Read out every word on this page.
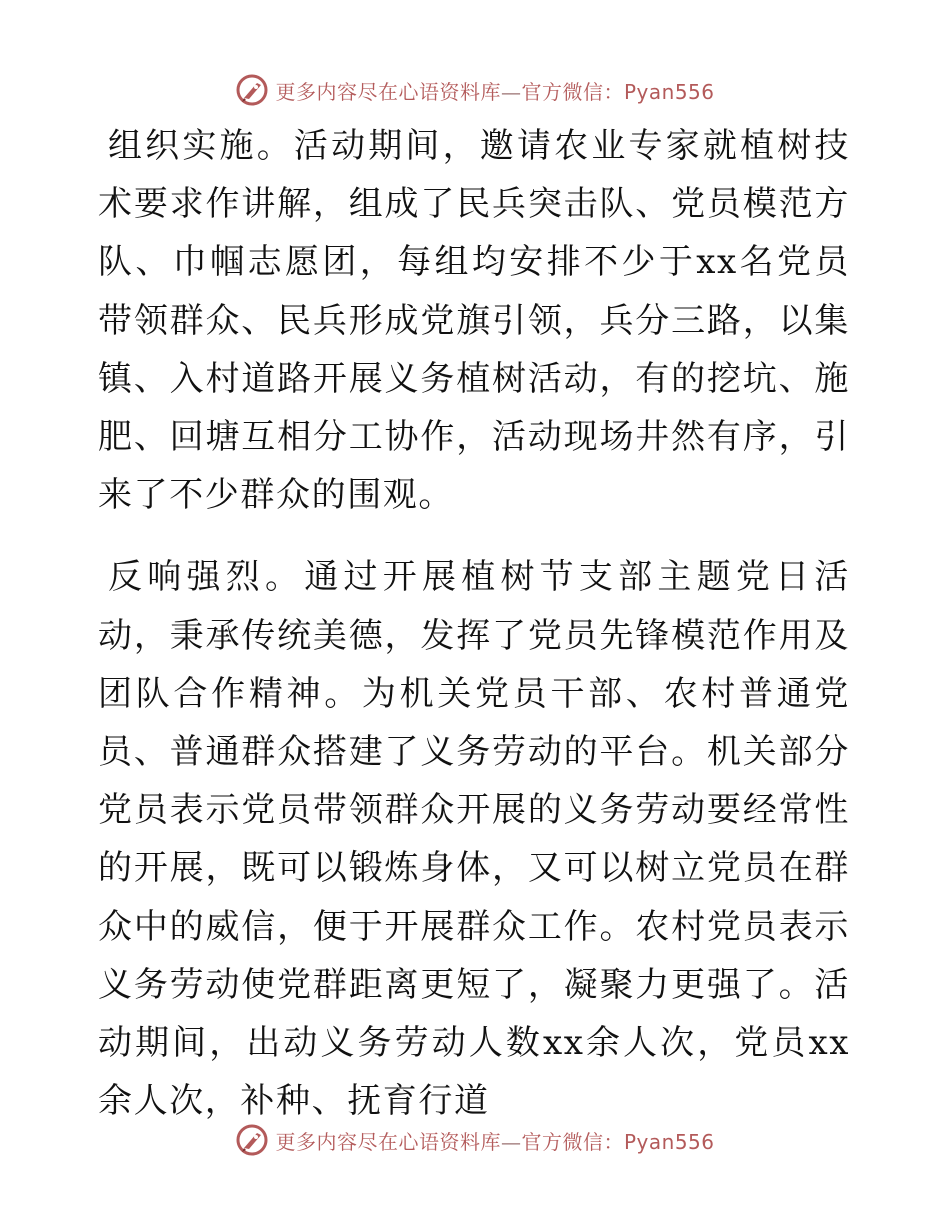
更多内容尽在心语资料库—官方微信：Pyan556

组织实施。活动期间，邀请农业专家就植树技术要求作讲解，组成了民兵突击队、党员模范方队、巾帼志愿团，每组均安排不少于xx名党员带领群众、民兵形成党旗引领，兵分三路，以集镇、入村道路开展义务植树活动，有的挖坑、施肥、回塘互相分工协作，活动现场井然有序，引来了不少群众的围观。

反响强烈。通过开展植树节支部主题党日活动，秉承传统美德，发挥了党员先锋模范作用及团队合作精神。为机关党员干部、农村普通党员、普通群众搭建了义务劳动的平台。机关部分党员表示党员带领群众开展的义务劳动要经常性的开展，既可以锻炼身体，又可以树立党员在群众中的威信，便于开展群众工作。农村党员表示义务劳动使党群距离更短了，凝聚力更强了。活动期间，出动义务劳动人数xx余人次，党员xx余人次，补种、抚育行道

更多内容尽在心语资料库—官方微信：Pyan556
